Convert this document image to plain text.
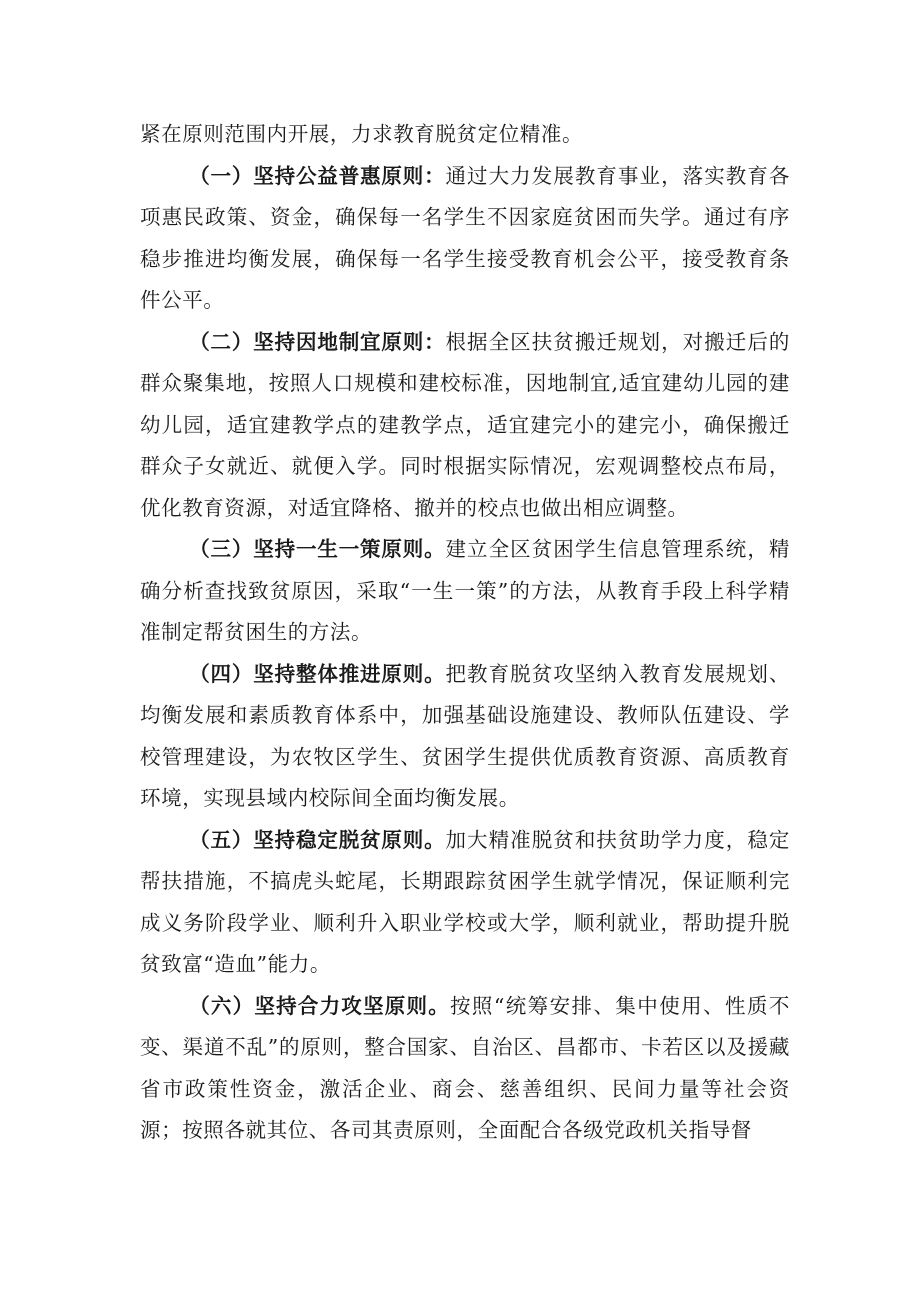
紧在原则范围内开展，力求教育脱贫定位精准。

（一）坚持公益普惠原则：通过大力发展教育事业，落实教育各项惠民政策、资金，确保每一名学生不因家庭贫困而失学。通过有序稳步推进均衡发展，确保每一名学生接受教育机会公平，接受教育条件公平。

（二）坚持因地制宜原则：根据全区扶贫搬迁规划，对搬迁后的群众聚集地，按照人口规模和建校标准，因地制宜,适宜建幼儿园的建幼儿园，适宜建教学点的建教学点，适宜建完小的建完小，确保搬迁群众子女就近、就便入学。同时根据实际情况，宏观调整校点布局，优化教育资源，对适宜降格、撤并的校点也做出相应调整。

（三）坚持一生一策原则。建立全区贫困学生信息管理系统，精确分析查找致贫原因，采取“一生一策”的方法，从教育手段上科学精准制定帮贫困生的方法。

（四）坚持整体推进原则。把教育脱贫攻坚纳入教育发展规划、均衡发展和素质教育体系中，加强基础设施建设、教师队伍建设、学校管理建设，为农牧区学生、贫困学生提供优质教育资源、高质教育环境，实现县域内校际间全面均衡发展。

（五）坚持稳定脱贫原则。加大精准脱贫和扶贫助学力度，稳定帮扶措施，不搞虎头蛇尾，长期跟踪贫困学生就学情况，保证顺利完成义务阶段学业、顺利升入职业学校或大学，顺利就业，帮助提升脱贫致富“造血”能力。

（六）坚持合力攻坚原则。按照“统筹安排、集中使用、性质不变、渠道不乱”的原则，整合国家、自治区、昌都市、卡若区以及援藏省市政策性资金，激活企业、商会、慈善组织、民间力量等社会资源；按照各就其位、各司其责原则，全面配合各级党政机关指导督
